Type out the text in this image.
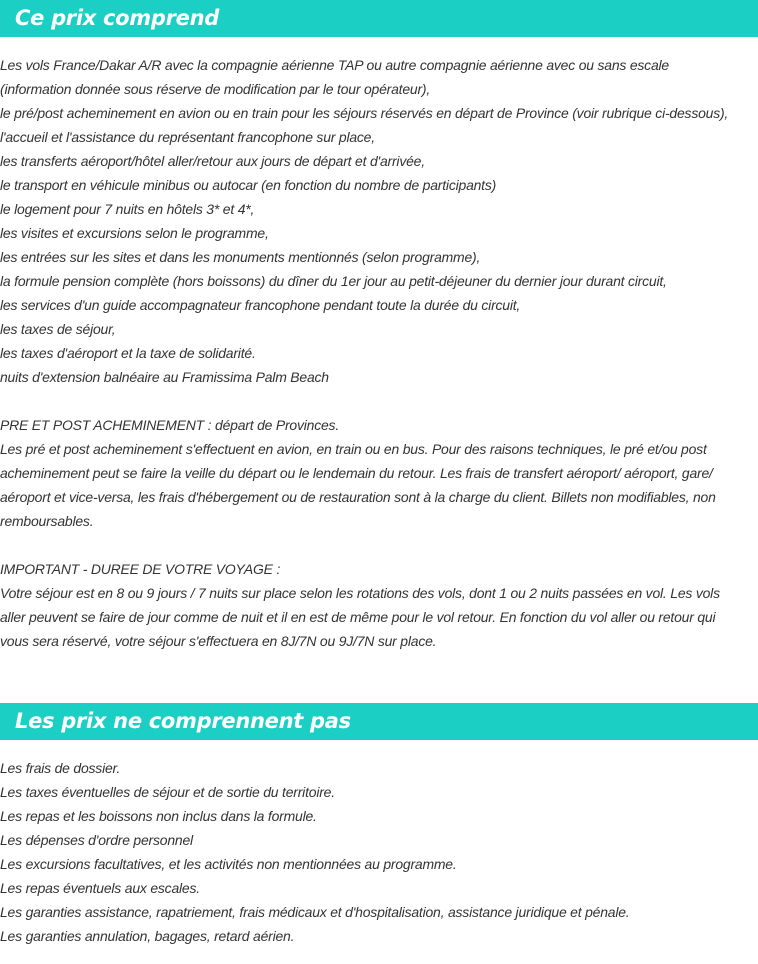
Ce prix comprend
Les vols France/Dakar A/R avec la compagnie aérienne TAP ou autre compagnie aérienne avec ou sans escale
(information donnée sous réserve de modification par le tour opérateur),
le pré/post acheminement en avion ou en train pour les séjours réservés en départ de Province (voir rubrique ci-dessous),
l'accueil et l'assistance du représentant francophone sur place,
les transferts aéroport/hôtel aller/retour aux jours de départ et d'arrivée,
le transport en véhicule minibus ou autocar (en fonction du nombre de participants)
le logement pour 7 nuits en hôtels 3* et 4*,
les visites et excursions selon le programme,
les entrées sur les sites et dans les monuments mentionnés (selon programme),
la formule pension complète (hors boissons) du dîner du 1er jour au petit-déjeuner du dernier jour durant circuit,
les services d'un guide accompagnateur francophone pendant toute la durée du circuit,
les taxes de séjour,
les taxes d'aéroport et la taxe de solidarité.
nuits d'extension balnéaire au Framissima Palm Beach
PRE ET POST ACHEMINEMENT : départ de Provinces.
Les pré et post acheminement s'effectuent en avion, en train ou en bus. Pour des raisons techniques, le pré et/ou post
acheminement peut se faire la veille du départ ou le lendemain du retour. Les frais de transfert aéroport/ aéroport, gare/
aéroport et vice-versa, les frais d'hébergement ou de restauration sont à la charge du client. Billets non modifiables, non
remboursables.
IMPORTANT - DUREE DE VOTRE VOYAGE :
Votre séjour est en 8 ou 9 jours / 7 nuits sur place selon les rotations des vols, dont 1 ou 2 nuits passées en vol. Les vols
aller peuvent se faire de jour comme de nuit et il en est de même pour le vol retour. En fonction du vol aller ou retour qui
vous sera réservé, votre séjour s'effectuera en 8J/7N ou 9J/7N sur place.
Les prix ne comprennent pas
Les frais de dossier.
Les taxes éventuelles de séjour et de sortie du territoire.
Les repas et les boissons non inclus dans la formule.
Les dépenses d'ordre personnel
Les excursions facultatives, et les activités non mentionnées au programme.
Les repas éventuels aux escales.
Les garanties assistance, rapatriement, frais médicaux et d'hospitalisation, assistance juridique et pénale.
Les garanties annulation, bagages, retard aérien.
